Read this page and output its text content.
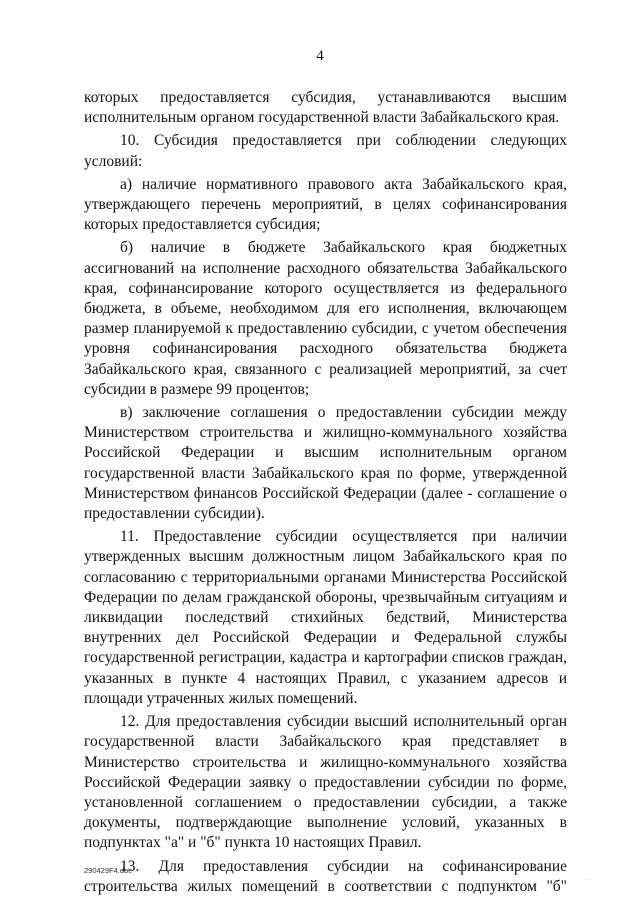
4

которых предоставляется субсидия, устанавливаются высшим исполнительным органом государственной власти Забайкальского края.

10. Субсидия предоставляется при соблюдении следующих условий:

а) наличие нормативного правового акта Забайкальского края, утверждающего перечень мероприятий, в целях софинансирования которых предоставляется субсидия;

б) наличие в бюджете Забайкальского края бюджетных ассигнований на исполнение расходного обязательства Забайкальского края, софинансирование которого осуществляется из федерального бюджета, в объеме, необходимом для его исполнения, включающем размер планируемой к предоставлению субсидии, с учетом обеспечения уровня софинансирования расходного обязательства бюджета Забайкальского края, связанного с реализацией мероприятий, за счет субсидии в размере 99 процентов;

в) заключение соглашения о предоставлении субсидии между Министерством строительства и жилищно-коммунального хозяйства Российской Федерации и высшим исполнительным органом государственной власти Забайкальского края по форме, утвержденной Министерством финансов Российской Федерации (далее - соглашение о предоставлении субсидии).

11. Предоставление субсидии осуществляется при наличии утвержденных высшим должностным лицом Забайкальского края по согласованию с территориальными органами Министерства Российской Федерации по делам гражданской обороны, чрезвычайным ситуациям и ликвидации последствий стихийных бедствий, Министерства внутренних дел Российской Федерации и Федеральной службы государственной регистрации, кадастра и картографии списков граждан, указанных в пункте 4 настоящих Правил, с указанием адресов и площади утраченных жилых помещений.

12. Для предоставления субсидии высший исполнительный орган государственной власти Забайкальского края представляет в Министерство строительства и жилищно-коммунального хозяйства Российской Федерации заявку о предоставлении субсидии по форме, установленной соглашением о предоставлении субсидии, а также документы, подтверждающие выполнение условий, указанных в подпунктах "а" и "б" пункта 10 настоящих Правил.

13. Для предоставления субсидии на софинансирование строительства жилых помещений в соответствии с подпунктом "б"

290429F4.doc
.
